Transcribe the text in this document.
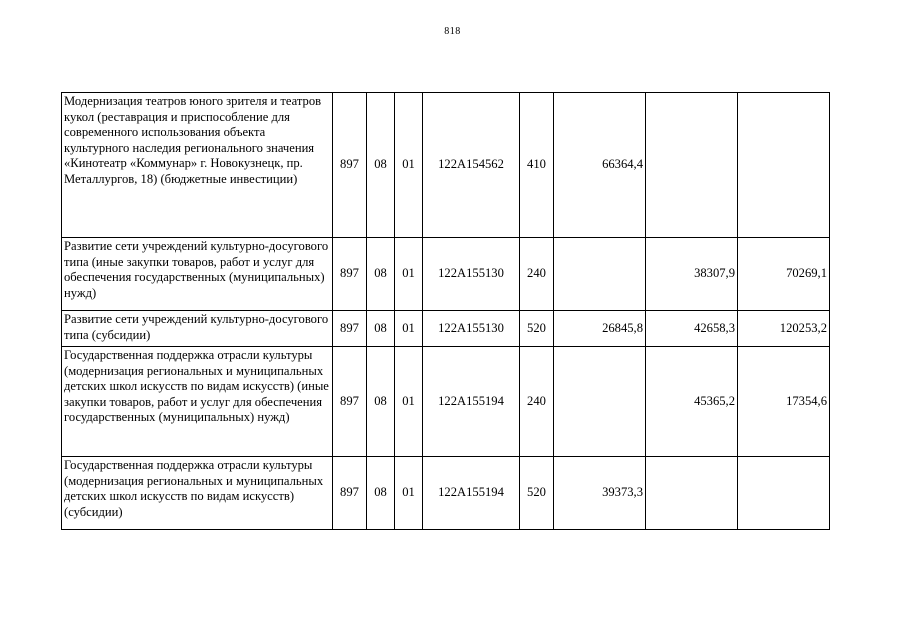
818
Модернизация театров юного зрителя и театров кукол (реставрация и приспособление для современного использования объекта культурного наследия регионального значения «Кинотеатр «Коммунар» г. Новокузнецк, пр. Металлургов, 18) (бюджетные инвестиции)	897	08	01	122A154562	410	66364,4		
Развитие сети учреждений культурно-досугового типа (иные закупки товаров, работ и услуг для обеспечения государственных (муниципальных) нужд)	897	08	01	122A155130	240		38307,9	70269,1
Развитие сети учреждений культурно-досугового типа (субсидии)	897	08	01	122A155130	520	26845,8	42658,3	120253,2
Государственная поддержка отрасли культуры (модернизация региональных и муниципальных детских школ искусств по видам искусств) (иные закупки товаров, работ и услуг для обеспечения государственных (муниципальных) нужд)	897	08	01	122A155194	240		45365,2	17354,6
Государственная поддержка отрасли культуры (модернизация региональных и муниципальных детских школ искусств по видам искусств) (субсидии)	897	08	01	122A155194	520	39373,3		
